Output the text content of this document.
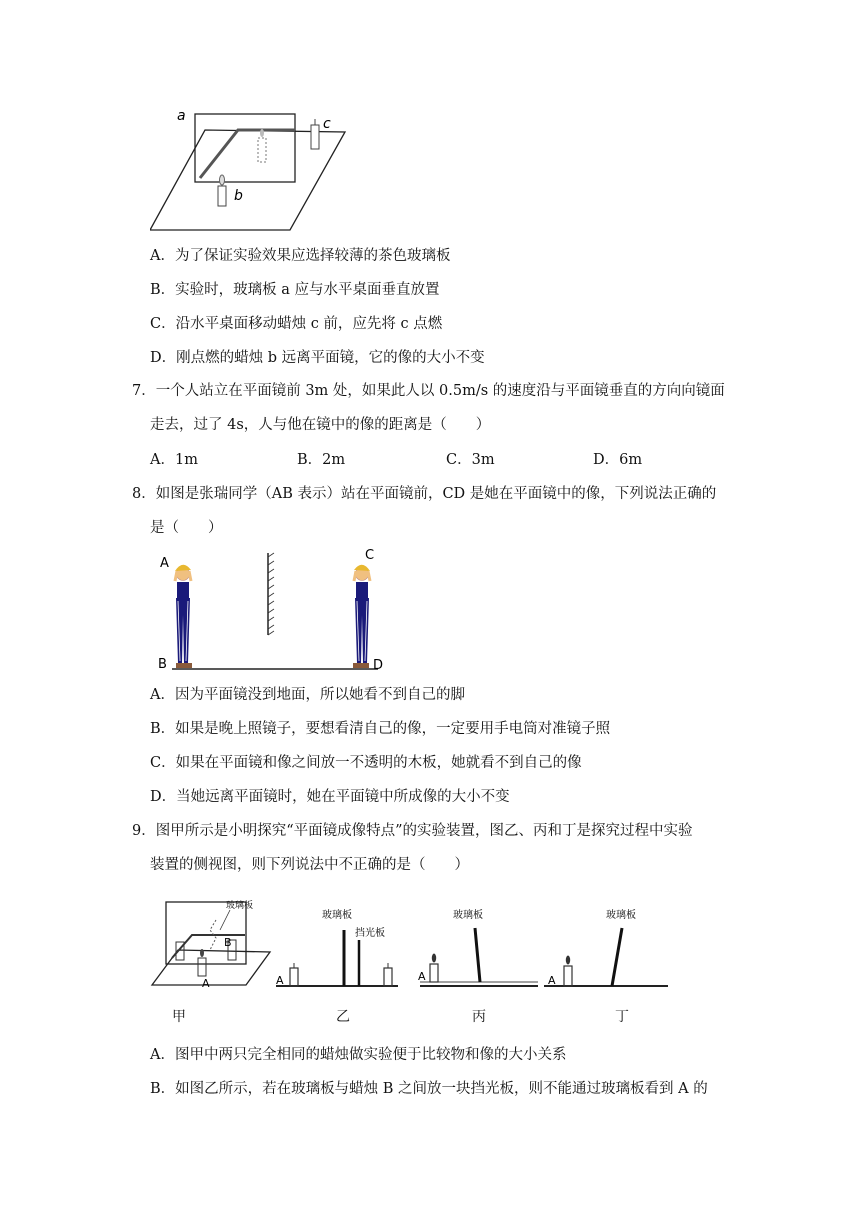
a
b
c
A．为了保证实验效果应选择较薄的茶色玻璃板
B．实验时，玻璃板 a 应与水平桌面垂直放置
C．沿水平桌面移动蜡烛 c 前，应先将 c 点燃
D．刚点燃的蜡烛 b 远离平面镜，它的像的大小不变
7．一个人站立在平面镜前 3m 处，如果此人以 0.5m/s 的速度沿与平面镜垂直的方向向镜面
走去，过了 4s，人与他在镜中的像的距离是（　　）
A．1m	B．2m	C．3m	D．6m
8．如图是张瑞同学（AB 表示）站在平面镜前，CD 是她在平面镜中的像，下列说法正确的
是（　　）
A
B
C
D
A．因为平面镜没到地面，所以她看不到自己的脚
B．如果是晚上照镜子，要想看清自己的像，一定要用手电筒对准镜子照
C．如果在平面镜和像之间放一不透明的木板，她就看不到自己的像
D．当她远离平面镜时，她在平面镜中所成像的大小不变
9．图甲所示是小明探究“平面镜成像特点”的实验装置，图乙、丙和丁是探究过程中实验
装置的侧视图，则下列说法中不正确的是（　　）
B
A
玻璃板
A
玻璃板
挡光板
A
玻璃板
A
玻璃板
甲	乙	丙	丁
A．图甲中两只完全相同的蜡烛做实验便于比较物和像的大小关系
B．如图乙所示，若在玻璃板与蜡烛 B 之间放一块挡光板，则不能通过玻璃板看到 A 的
